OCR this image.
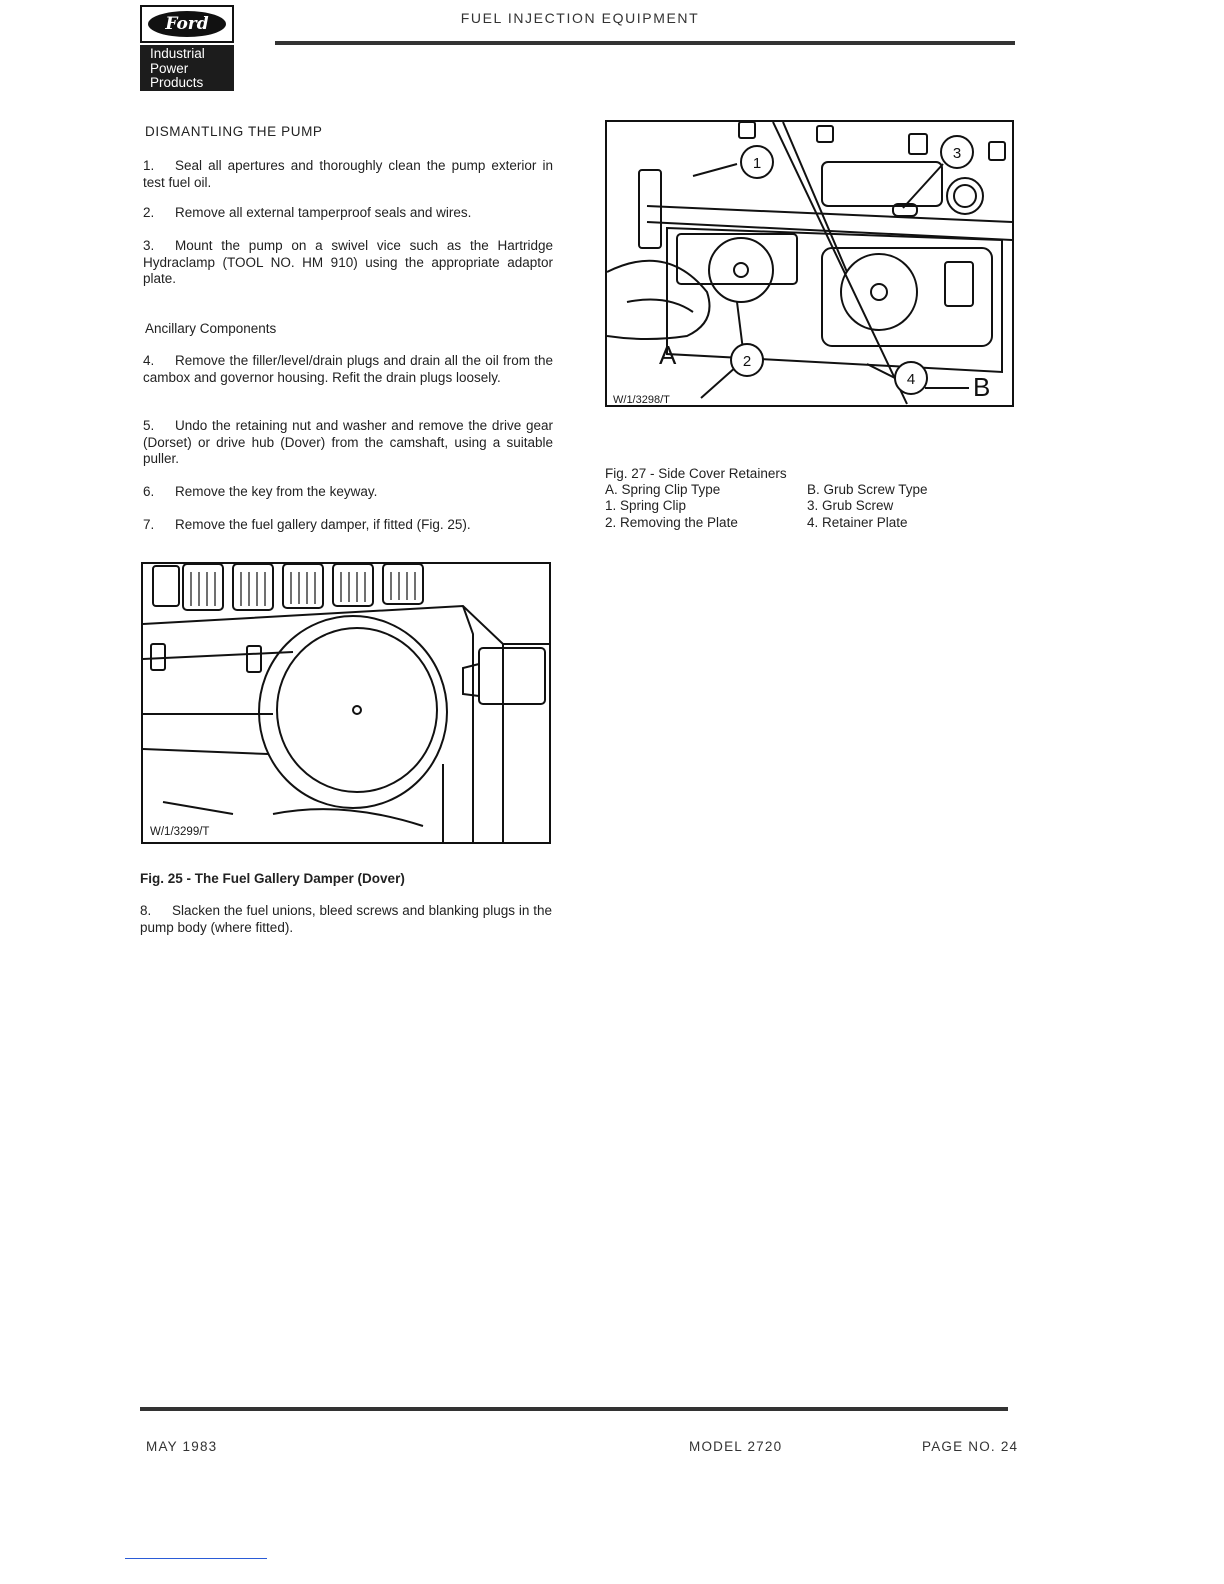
Ford
Industrial
Power
Products
FUEL INJECTION EQUIPMENT
DISMANTLING THE PUMP
1. Seal all apertures and thoroughly clean the pump exterior in test fuel oil.
2. Remove all external tamperproof seals and wires.
3. Mount the pump on a swivel vice such as the Hartridge Hydraclamp (TOOL NO. HM 910) using the appropriate adaptor plate.
Ancillary Components
4. Remove the filler/level/drain plugs and drain all the oil from the cambox and governor housing. Refit the drain plugs loosely.
5. Undo the retaining nut and washer and remove the drive gear (Dorset) or drive hub (Dover) from the camshaft, using a suitable puller.
6. Remove the key from the keyway.
7. Remove the fuel gallery damper, if fitted (Fig. 25).
W/1/3299/T
Fig. 25 - The Fuel Gallery Damper (Dover)
8. Slacken the fuel unions, bleed screws and blanking plugs in the pump body (where fitted).
1
2
3
4
A
B
W/1/3298/T
Fig. 27 - Side Cover Retainers
A. Spring Clip Type	B. Grub Screw Type
1. Spring Clip	3. Grub Screw
2. Removing the Plate	4. Retainer Plate
MAY 1983	MODEL 2720	PAGE NO. 24
